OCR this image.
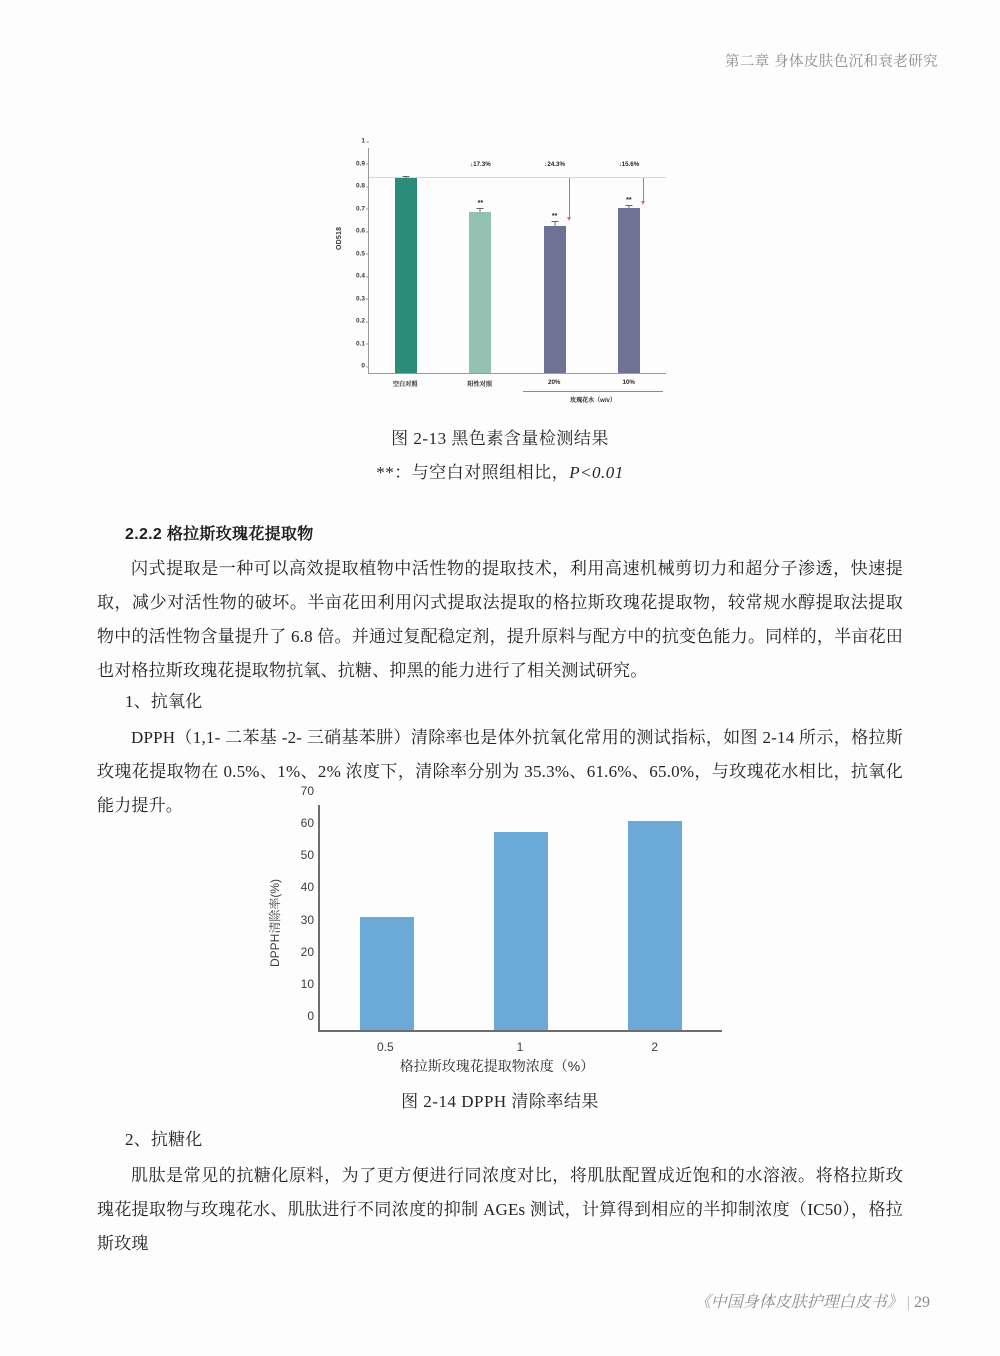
第二章 身体皮肤色沉和衰老研究
OD518
0
0.1
0.2
0.3
0.4
0.5
0.6
0.7
0.8
0.9
1
**
↓17.3%
**
↓24.3%
**
↓15.6%
空白对照	阳性对照	20%	10%
玫瑰花水（w/v）
图 2-13 黑色素含量检测结果
**：与空白对照组相比，P<0.01
2.2.2 格拉斯玫瑰花提取物
闪式提取是一种可以高效提取植物中活性物的提取技术，利用高速机械剪切力和超分子渗透，快速提取，减少对活性物的破坏。半亩花田利用闪式提取法提取的格拉斯玫瑰花提取物，较常规水醇提取法提取物中的活性物含量提升了 6.8 倍。并通过复配稳定剂，提升原料与配方中的抗变色能力。同样的，半亩花田也对格拉斯玫瑰花提取物抗氧、抗糖、抑黑的能力进行了相关测试研究。
1、抗氧化
DPPH（1,1- 二苯基 -2- 三硝基苯肼）清除率也是体外抗氧化常用的测试指标，如图 2-14 所示，格拉斯玫瑰花提取物在 0.5%、1%、2% 浓度下，清除率分别为 35.3%、61.6%、65.0%，与玫瑰花水相比，抗氧化能力提升。
DPPH清除率(%)
0
10
20
30
40
50
60
70
0.5	1	2
格拉斯玫瑰花提取物浓度（%）
图 2-14 DPPH 清除率结果
2、抗糖化
肌肽是常见的抗糖化原料，为了更方便进行同浓度对比，将肌肽配置成近饱和的水溶液。将格拉斯玫瑰花提取物与玫瑰花水、肌肽进行不同浓度的抑制 AGEs 测试，计算得到相应的半抑制浓度（IC50），格拉斯玫瑰
《中国身体皮肤护理白皮书》 | 29
